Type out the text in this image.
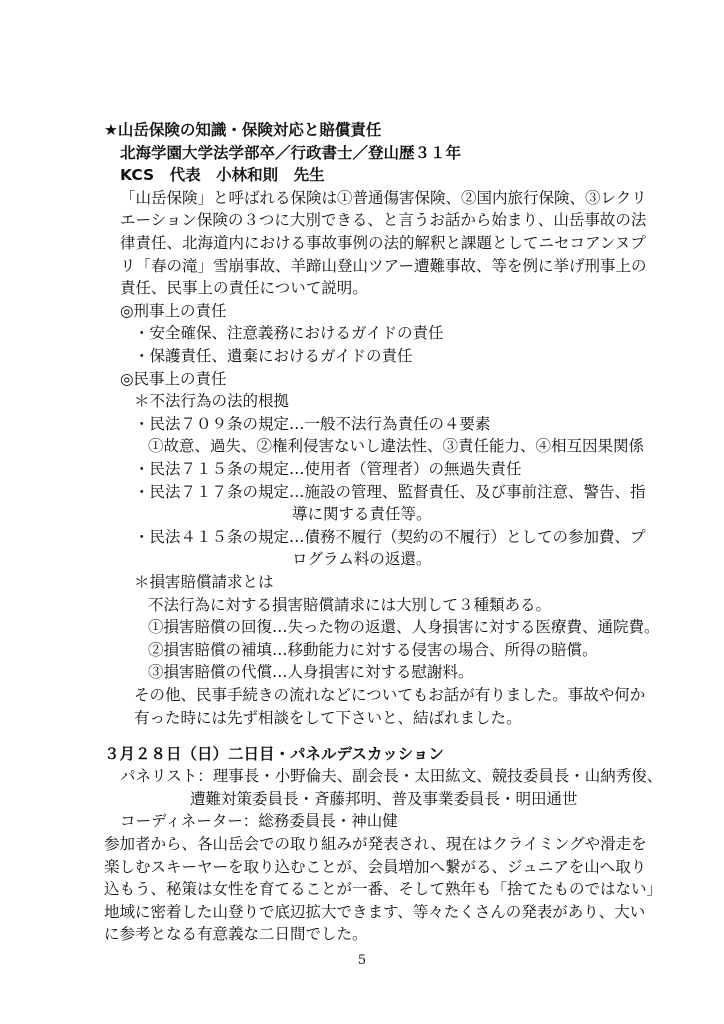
★山岳保険の知識・保険対応と賠償責任
北海学園大学法学部卒／行政書士／登山歴３１年
KCS　代表　小林和則　先生
「山岳保険」と呼ばれる保険は①普通傷害保険、②国内旅行保険、③レクリ
エーション保険の３つに大別できる、と言うお話から始まり、山岳事故の法
律責任、北海道内における事故事例の法的解釈と課題としてニセコアンヌプ
リ「春の滝」雪崩事故、羊蹄山登山ツアー遭難事故、等を例に挙げ刑事上の
責任、民事上の責任について説明。
◎刑事上の責任
・安全確保、注意義務におけるガイドの責任
・保護責任、遺棄におけるガイドの責任
◎民事上の責任
＊不法行為の法的根拠
・民法７０９条の規定…一般不法行為責任の４要素
①故意、過失、②権利侵害ないし違法性、③責任能力、④相互因果関係
・民法７１５条の規定…使用者（管理者）の無過失責任
・民法７１７条の規定…施設の管理、監督責任、及び事前注意、警告、指
導に関する責任等。
・民法４１５条の規定…債務不履行（契約の不履行）としての参加費、プ
ログラム料の返還。
＊損害賠償請求とは
不法行為に対する損害賠償請求には大別して３種類ある。
①損害賠償の回復…失った物の返還、人身損害に対する医療費、通院費。
②損害賠償の補填…移動能力に対する侵害の場合、所得の賠償。
③損害賠償の代償…人身損害に対する慰謝料。
その他、民事手続きの流れなどについてもお話が有りました。事故や何か
有った時には先ず相談をして下さいと、結ばれました。
３月２８日（日）二日目・パネルデスカッション
パネリスト：理事長・小野倫夫、副会長・太田紘文、競技委員長・山納秀俊、
遭難対策委員長・斉藤邦明、普及事業委員長・明田通世
コーディネーター：総務委員長・神山健
参加者から、各山岳会での取り組みが発表され、現在はクライミングや滑走を
楽しむスキーヤーを取り込むことが、会員増加へ繋がる、ジュニアを山へ取り
込もう、秘策は女性を育てることが一番、そして熟年も「捨てたものではない」
5
地域に密着した山登りで底辺拡大できます、等々たくさんの発表があり、大い
に参考となる有意義な二日間でした。
